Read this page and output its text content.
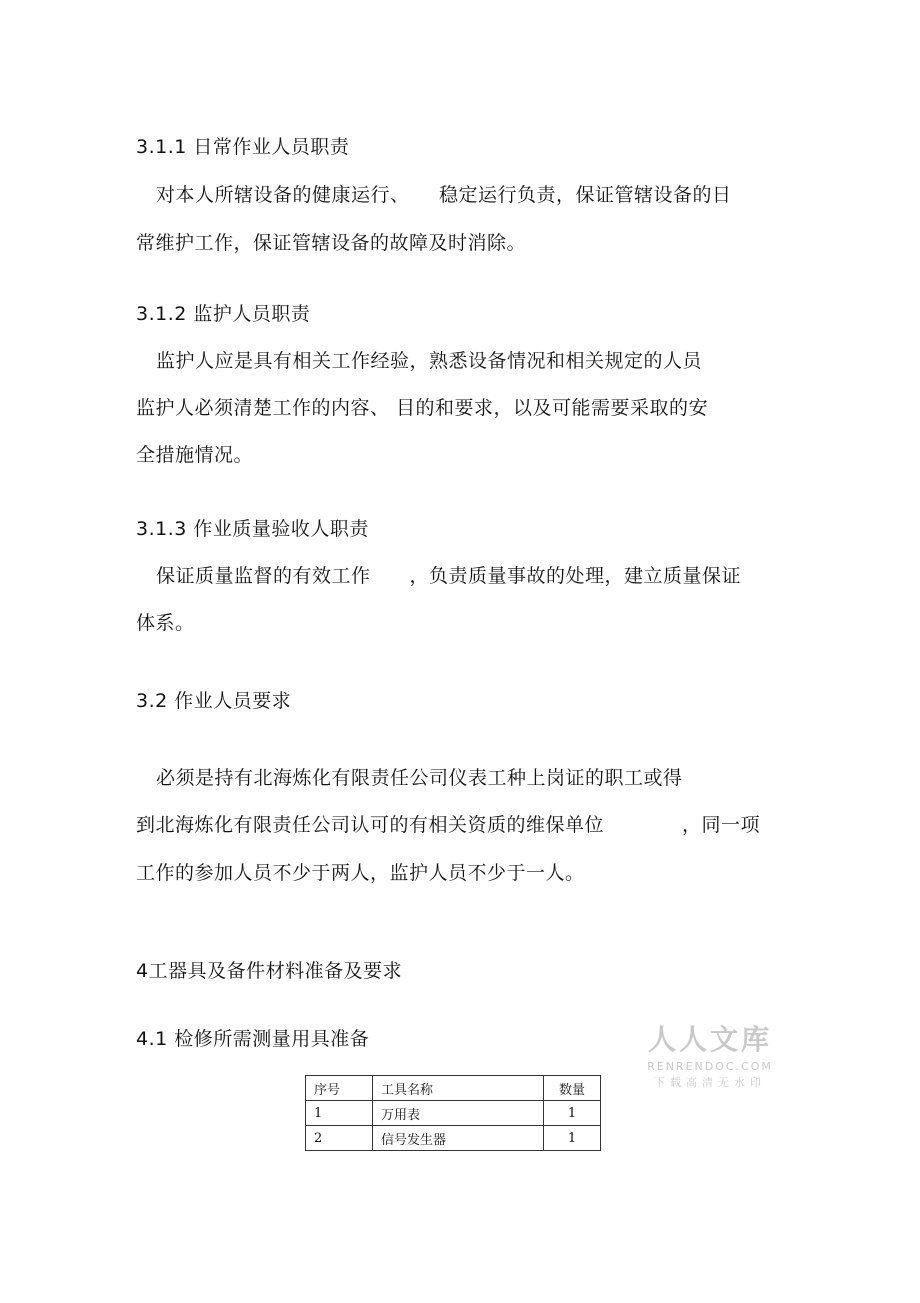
3.1.1 日常作业人员职责
对本人所辖设备的健康运行、　　稳定运行负责，保证管辖设备的日
常维护工作，保证管辖设备的故障及时消除。
3.1.2 监护人员职责
监护人应是具有相关工作经验，熟悉设备情况和相关规定的人员
监护人必须清楚工作的内容、 目的和要求，以及可能需要采取的安
全措施情况。
3.1.3 作业质量验收人职责
保证质量监督的有效工作　　，负责质量事故的处理，建立质量保证
体系。
3.2 作业人员要求
必须是持有北海炼化有限责任公司仪表工种上岗证的职工或得
到北海炼化有限责任公司认可的有相关资质的维保单位　　　　，同一项
工作的参加人员不少于两人，监护人员不少于一人。
4工器具及备件材料准备及要求
4.1 检修所需测量用具准备	人人文库
RENRENDOC.COM
下载高清无水印
序号	工具名称	数量
1	万用表	1
2	信号发生器	1
